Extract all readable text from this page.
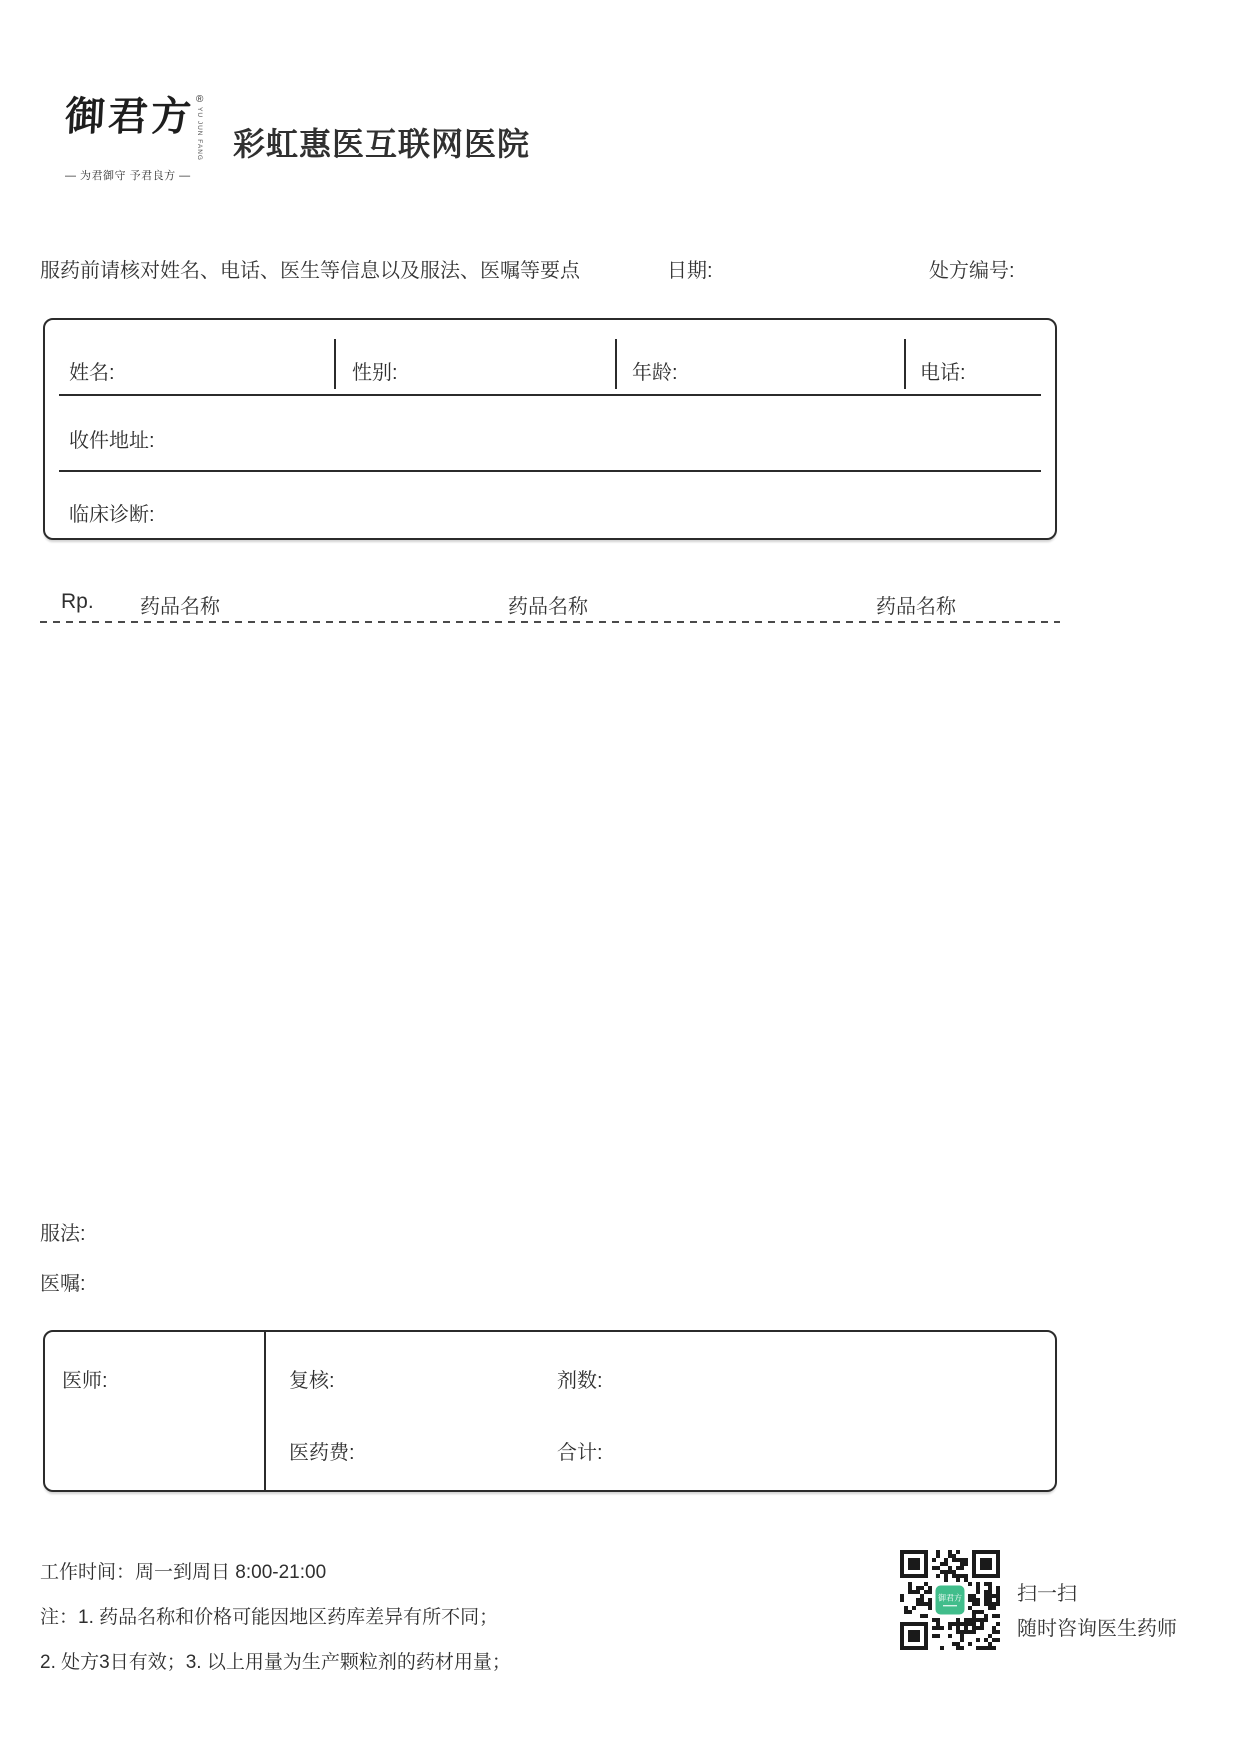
御君方 ®
YU JUN FANG
— 为君御守 予君良方 —
彩虹惠医互联网医院
服药前请核对姓名、电话、医生等信息以及服法、医嘱等要点	日期:	处方编号:
姓名:	性别:	年龄:	电话:
收件地址:
临床诊断:
Rp. 药品名称	药品名称	药品名称
服法:
医嘱:
医师:	复核:	剂数:
医药费:	合计:
工作时间：周一到周日 8:00-21:00
注：1. 药品名称和价格可能因地区药库差异有所不同；
2. 处方3日有效；3. 以上用量为生产颗粒剂的药材用量；
御君方	扫一扫
随时咨询医生药师
